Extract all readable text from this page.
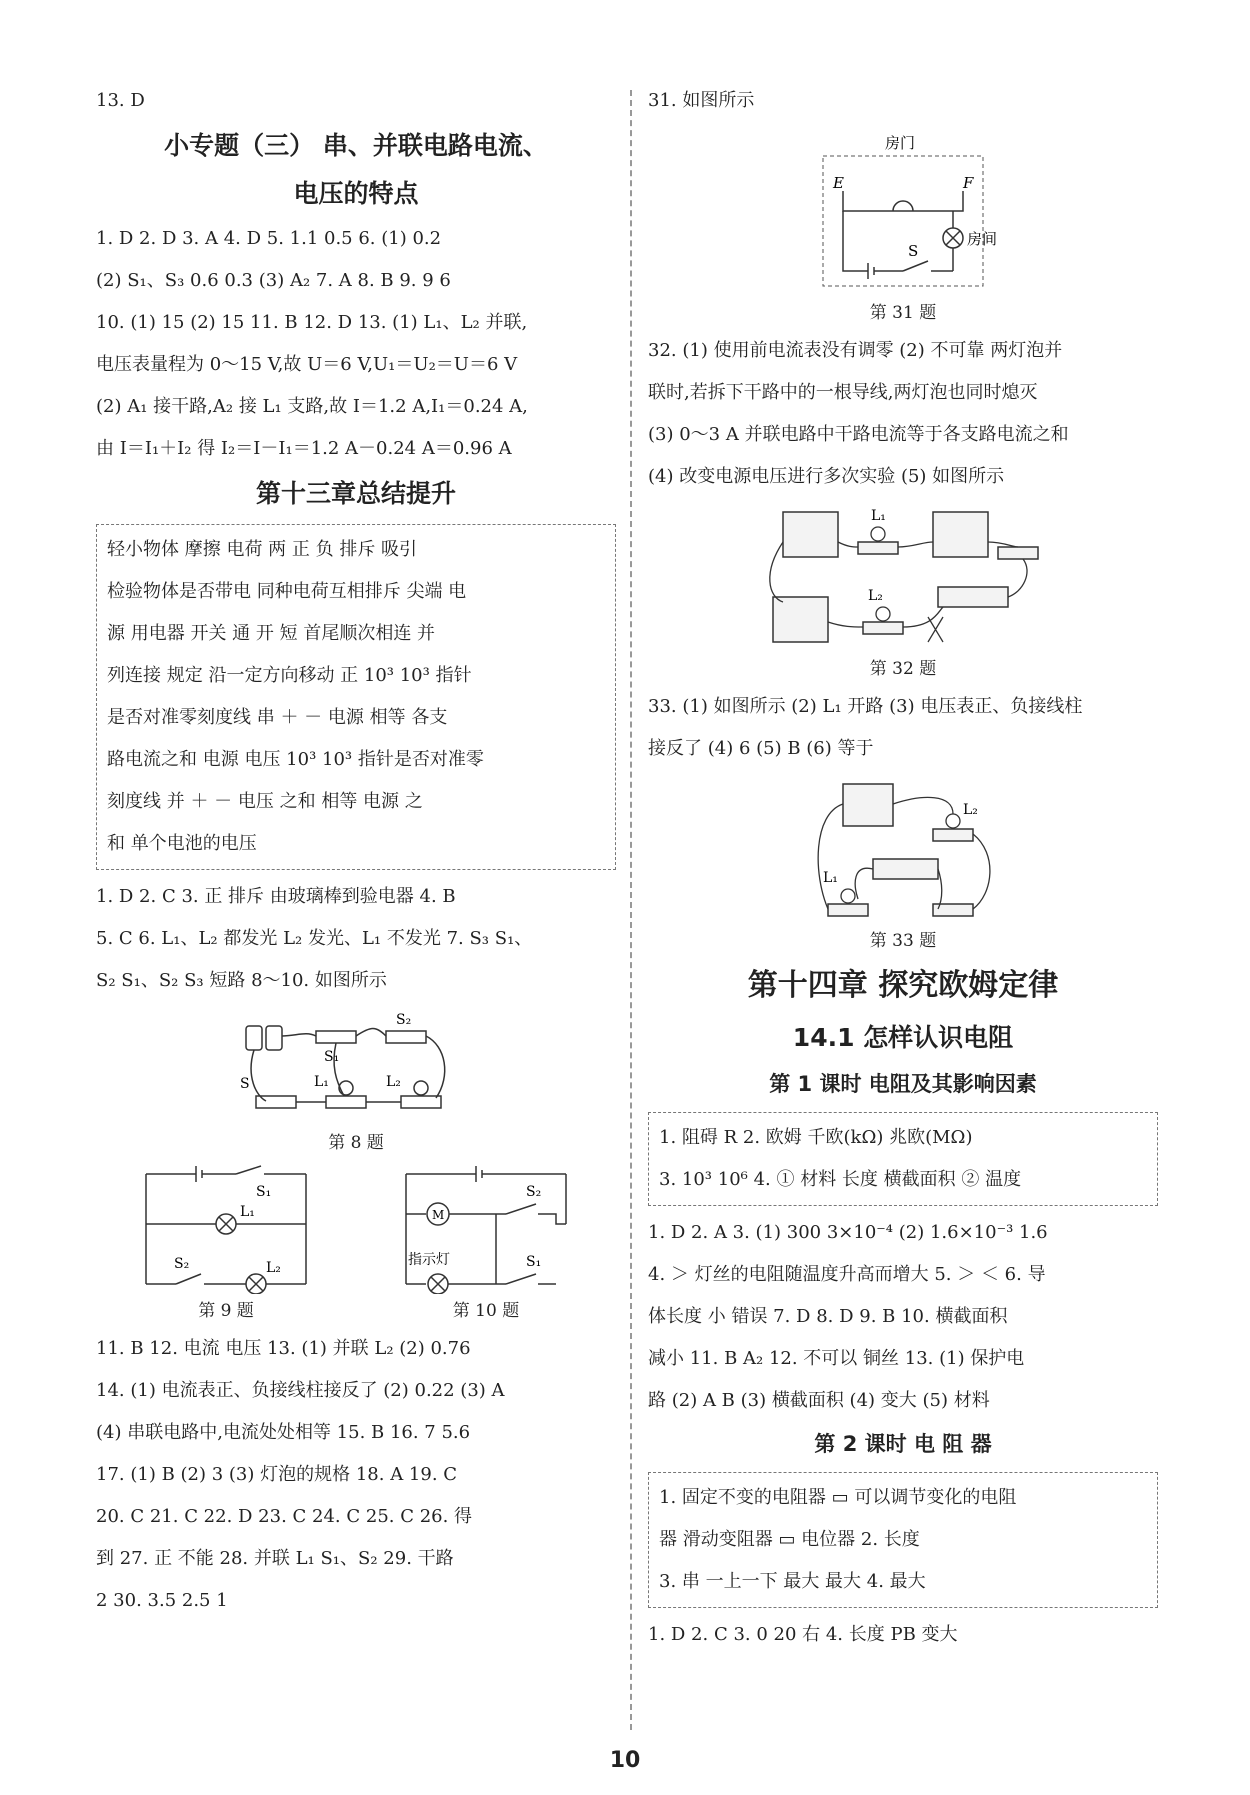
13. D
小专题（三） 串、并联电路电流、
电压的特点
1. D 2. D 3. A 4. D 5. 1.1 0.5 6. (1) 0.2
(2) S₁、S₃ 0.6 0.3 (3) A₂ 7. A 8. B 9. 9 6
10. (1) 15 (2) 15 11. B 12. D 13. (1) L₁、L₂ 并联,
电压表量程为 0～15 V,故 U＝6 V,U₁＝U₂＝U＝6 V
(2) A₁ 接干路,A₂ 接 L₁ 支路,故 I＝1.2 A,I₁＝0.24 A,
由 I＝I₁＋I₂ 得 I₂＝I－I₁＝1.2 A－0.24 A＝0.96 A
第十三章总结提升
轻小物体 摩擦 电荷 两 正 负 排斥 吸引
检验物体是否带电 同种电荷互相排斥 尖端 电
源 用电器 开关 通 开 短 首尾顺次相连 并
列连接 规定 沿一定方向移动 正 10³ 10³ 指针
是否对准零刻度线 串 ＋ － 电源 相等 各支
路电流之和 电源 电压 10³ 10³ 指针是否对准零
刻度线 并 ＋ － 电压 之和 相等 电源 之
和 单个电池的电压
1. D 2. C 3. 正 排斥 由玻璃棒到验电器 4. B
5. C 6. L₁、L₂ 都发光 L₂ 发光、L₁ 不发光 7. S₃ S₁、
S₂ S₁、S₂ S₃ 短路 8～10. 如图所示
S₂
S₁
S	L₁	L₂
第 8 题
S₁
L₁
S₂	L₂
第 9 题
M
S₂
指示灯	S₁
第 10 题
11. B 12. 电流 电压 13. (1) 并联 L₂ (2) 0.76
14. (1) 电流表正、负接线柱接反了 (2) 0.22 (3) A
(4) 串联电路中,电流处处相等 15. B 16. 7 5.6
17. (1) B (2) 3 (3) 灯泡的规格 18. A 19. C
20. C 21. C 22. D 23. C 24. C 25. C 26. 得
到 27. 正 不能 28. 并联 L₁ S₁、S₂ 29. 干路
2 30. 3.5 2.5 1
31. 如图所示
房门
E	F
房间
S
第 31 题
32. (1) 使用前电流表没有调零 (2) 不可靠 两灯泡并
联时,若拆下干路中的一根导线,两灯泡也同时熄灭
(3) 0～3 A 并联电路中干路电流等于各支路电流之和
(4) 改变电源电压进行多次实验 (5) 如图所示
L₁
L₂
第 32 题
33. (1) 如图所示 (2) L₁ 开路 (3) 电压表正、负接线柱
接反了 (4) 6 (5) B (6) 等于
L₂
L₁
第 33 题
第十四章 探究欧姆定律
14.1 怎样认识电阻
第 1 课时 电阻及其影响因素
1. 阻碍 R 2. 欧姆 千欧(kΩ) 兆欧(MΩ)
3. 10³ 10⁶ 4. ① 材料 长度 横截面积 ② 温度
1. D 2. A 3. (1) 300 3×10⁻⁴ (2) 1.6×10⁻³ 1.6
4. ＞ 灯丝的电阻随温度升高而增大 5. ＞ ＜ 6. 导
体长度 小 错误 7. D 8. D 9. B 10. 横截面积
减小 11. B A₂ 12. 不可以 铜丝 13. (1) 保护电
路 (2) A B (3) 横截面积 (4) 变大 (5) 材料
第 2 课时 电 阻 器
1. 固定不变的电阻器 ▭ 可以调节变化的电阻
器 滑动变阻器 ▭ 电位器 2. 长度
3. 串 一上一下 最大 最大 4. 最大
1. D 2. C 3. 0 20 右 4. 长度 PB 变大
10
